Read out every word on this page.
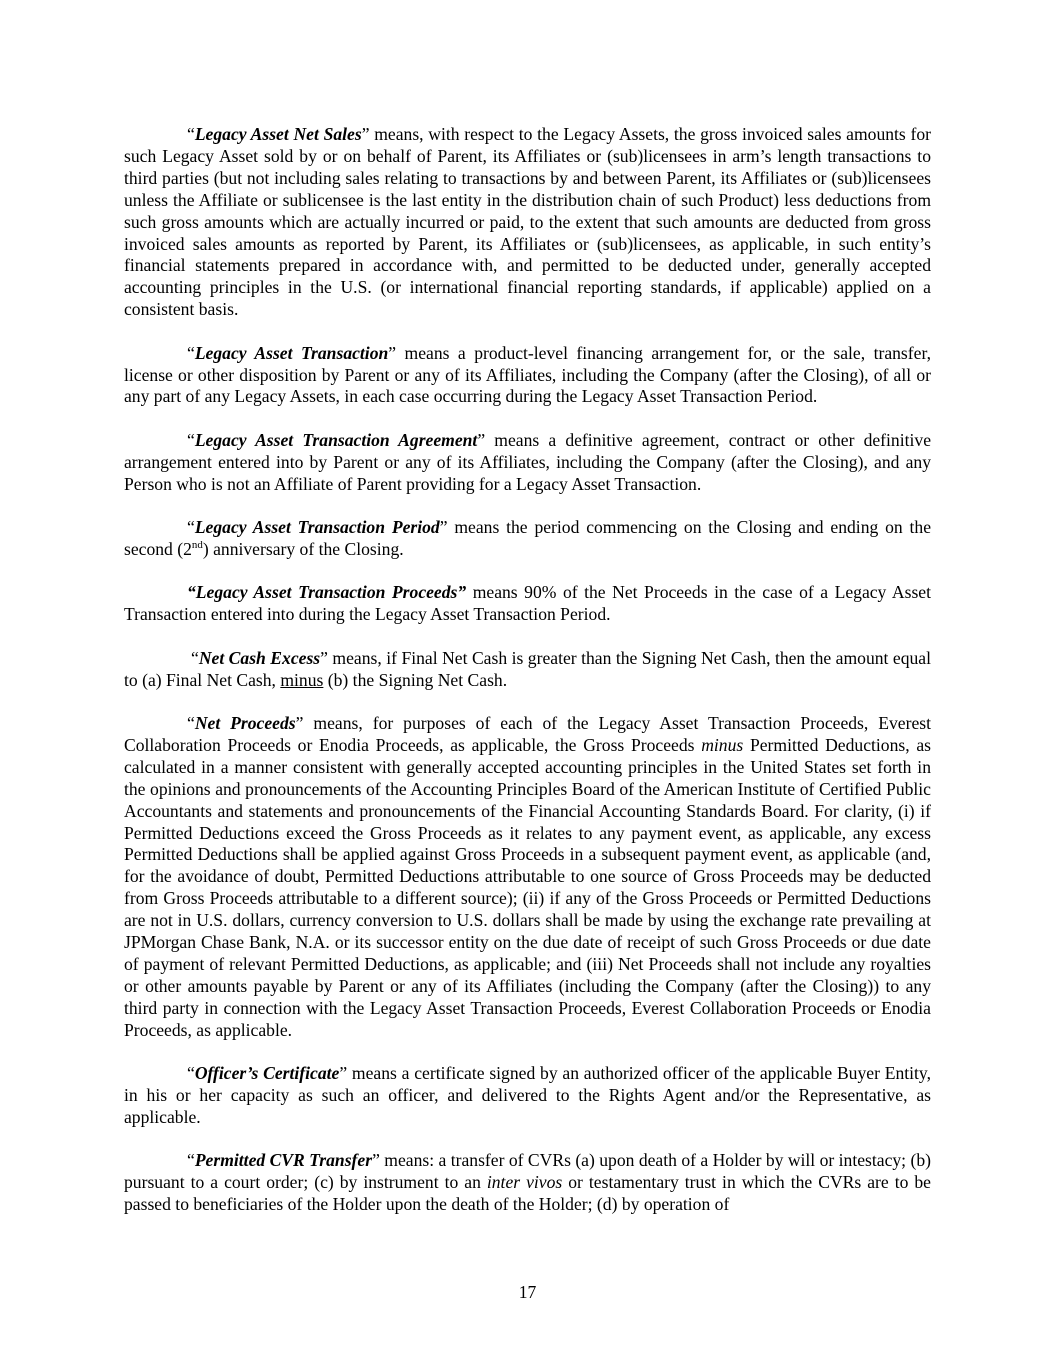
“Legacy Asset Net Sales” means, with respect to the Legacy Assets, the gross invoiced sales amounts for such Legacy Asset sold by or on behalf of Parent, its Affiliates or (sub)licensees in arm’s length transactions to third parties (but not including sales relating to transactions by and between Parent, its Affiliates or (sub)licensees unless the Affiliate or sublicensee is the last entity in the distribution chain of such Product) less deductions from such gross amounts which are actually incurred or paid, to the extent that such amounts are deducted from gross invoiced sales amounts as reported by Parent, its Affiliates or (sub)licensees, as applicable, in such entity’s financial statements prepared in accordance with, and permitted to be deducted under, generally accepted accounting principles in the U.S. (or international financial reporting standards, if applicable) applied on a consistent basis.

“Legacy Asset Transaction” means a product-level financing arrangement for, or the sale, transfer, license or other disposition by Parent or any of its Affiliates, including the Company (after the Closing), of all or any part of any Legacy Assets, in each case occurring during the Legacy Asset Transaction Period.

“Legacy Asset Transaction Agreement” means a definitive agreement, contract or other definitive arrangement entered into by Parent or any of its Affiliates, including the Company (after the Closing), and any Person who is not an Affiliate of Parent providing for a Legacy Asset Transaction.

“Legacy Asset Transaction Period” means the period commencing on the Closing and ending on the second (2nd) anniversary of the Closing.

“Legacy Asset Transaction Proceeds” means 90% of the Net Proceeds in the case of a Legacy Asset Transaction entered into during the Legacy Asset Transaction Period.

“Net Cash Excess” means, if Final Net Cash is greater than the Signing Net Cash, then the amount equal to (a) Final Net Cash, minus (b) the Signing Net Cash.

“Net Proceeds” means, for purposes of each of the Legacy Asset Transaction Proceeds, Everest Collaboration Proceeds or Enodia Proceeds, as applicable, the Gross Proceeds minus Permitted Deductions, as calculated in a manner consistent with generally accepted accounting principles in the United States set forth in the opinions and pronouncements of the Accounting Principles Board of the American Institute of Certified Public Accountants and statements and pronouncements of the Financial Accounting Standards Board. For clarity, (i) if Permitted Deductions exceed the Gross Proceeds as it relates to any payment event, as applicable, any excess Permitted Deductions shall be applied against Gross Proceeds in a subsequent payment event, as applicable (and, for the avoidance of doubt, Permitted Deductions attributable to one source of Gross Proceeds may be deducted from Gross Proceeds attributable to a different source); (ii) if any of the Gross Proceeds or Permitted Deductions are not in U.S. dollars, currency conversion to U.S. dollars shall be made by using the exchange rate prevailing at JPMorgan Chase Bank, N.A. or its successor entity on the due date of receipt of such Gross Proceeds or due date of payment of relevant Permitted Deductions, as applicable; and (iii) Net Proceeds shall not include any royalties or other amounts payable by Parent or any of its Affiliates (including the Company (after the Closing)) to any third party in connection with the Legacy Asset Transaction Proceeds, Everest Collaboration Proceeds or Enodia Proceeds, as applicable.

“Officer’s Certificate” means a certificate signed by an authorized officer of the applicable Buyer Entity, in his or her capacity as such an officer, and delivered to the Rights Agent and/or the Representative, as applicable.

“Permitted CVR Transfer” means: a transfer of CVRs (a) upon death of a Holder by will or intestacy; (b) pursuant to a court order; (c) by instrument to an inter vivos or testamentary trust in which the CVRs are to be passed to beneficiaries of the Holder upon the death of the Holder; (d) by operation of

17
